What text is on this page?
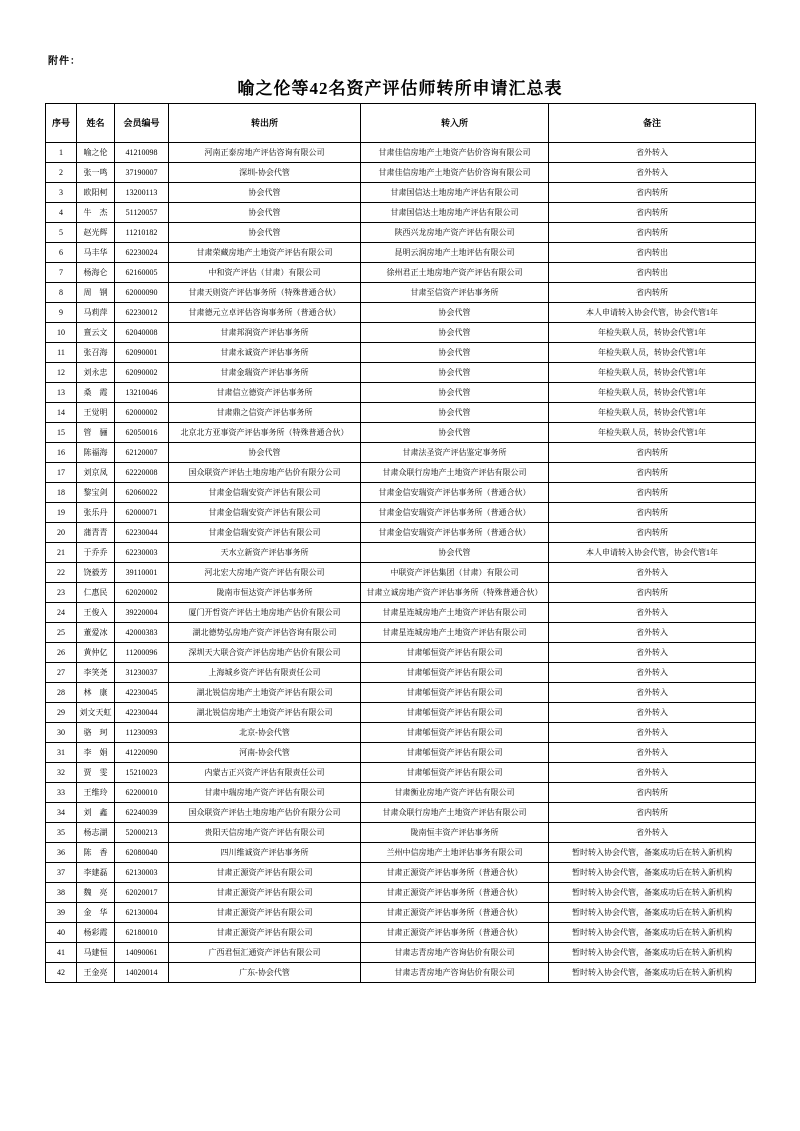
附件：
喻之伦等42名资产评估师转所申请汇总表
序号	姓名	会员编号	转出所	转入所	备注
1	喻之伦	41210098	河南正泰房地产评估咨询有限公司	甘肃佳信房地产土地资产估价咨询有限公司	省外转入
2	张一鸣	37190007	深圳-协会代管	甘肃佳信房地产土地资产估价咨询有限公司	省外转入
3	欧阳柯	13200113	协会代管	甘肃国信达土地房地产评估有限公司	省内转所
4	牛　杰	51120057	协会代管	甘肃国信达土地房地产评估有限公司	省内转所
5	赵光辉	11210182	协会代管	陕西兴龙房地产资产评估有限公司	省内转所
6	马丰华	62230024	甘肃荣藏房地产土地资产评估有限公司	昆明云润房地产土地评估有限公司	省内转出
7	杨海仑	62160005	中和资产评估（甘肃）有限公司	徐州君正土地房地产资产评估有限公司	省内转出
8	周　钢	62000090	甘肃天则资产评估事务所（特殊普通合伙）	甘肃至信资产评估事务所	省内转所
9	马莉萍	62230012	甘肃德元立卓评估咨询事务所（普通合伙）	协会代管	本人申请转入协会代管，协会代管1年
10	亶云文	62040008	甘肃邦润资产评估事务所	协会代管	年检失联人员，转协会代管1年
11	张召海	62090001	甘肃永诚资产评估事务所	协会代管	年检失联人员，转协会代管1年
12	刘永忠	62090002	甘肃金瑞资产评估事务所	协会代管	年检失联人员，转协会代管1年
13	桑　霞	13210046	甘肃信立德资产评估事务所	协会代管	年检失联人员，转协会代管1年
14	王觉明	62000002	甘肃鼎之信资产评估事务所	协会代管	年检失联人员，转协会代管1年
15	管　骊	62050016	北京北方亚事资产评估事务所（特殊普通合伙）	协会代管	年检失联人员，转协会代管1年
16	陈福海	62120007	协会代管	甘肃法圣资产评估鉴定事务所	省内转所
17	刘京凤	62220008	国众联资产评估土地房地产估价有限分公司	甘肃众联行房地产土地资产评估有限公司	省内转所
18	黎宝剑	62060022	甘肃金信瑞安资产评估有限公司	甘肃金信安瑞资产评估事务所（普通合伙）	省内转所
19	张乐丹	62000071	甘肃金信瑞安资产评估有限公司	甘肃金信安瑞资产评估事务所（普通合伙）	省内转所
20	蒲青青	62230044	甘肃金信瑞安资产评估有限公司	甘肃金信安瑞资产评估事务所（普通合伙）	省内转所
21	于乔乔	62230003	天水立新资产评估事务所	协会代管	本人申请转入协会代管，协会代管1年
22	饶毅芳	39110001	河北宏大房地产资产评估有限公司	中联资产评估集团（甘肃）有限公司	省外转入
23	仁惠民	62020002	陇南市恒达资产评估事务所	甘肃立诚房地产资产评估事务所（特殊普通合伙）	省内转所
24	王俊入	39220004	厦门开哲资产评估土地房地产估价有限公司	甘肃星连城房地产土地资产评估有限公司	省外转入
25	董爱冰	42000383	湖北德势弘房地产资产评估咨询有限公司	甘肃星连城房地产土地资产评估有限公司	省外转入
26	黄仲亿	11200096	深圳天大联合资产评估房地产估价有限公司	甘肃郇恒资产评估有限公司	省外转入
27	李笑尧	31230037	上海城乡资产评估有限责任公司	甘肃郇恒资产评估有限公司	省外转入
28	林　康	42230045	湖北锐信房地产土地资产评估有限公司	甘肃郇恒资产评估有限公司	省外转入
29	刘文天虹	42230044	湖北锐信房地产土地资产评估有限公司	甘肃郇恒资产评估有限公司	省外转入
30	骆　珂	11230093	北京-协会代管	甘肃郇恒资产评估有限公司	省外转入
31	李　娟	41220090	河南-协会代管	甘肃郇恒资产评估有限公司	省外转入
32	贾　雯	15210023	内蒙古正兴资产评估有限责任公司	甘肃郇恒资产评估有限公司	省外转入
33	王维玲	62200010	甘肃中瑞房地产资产评估有限公司	甘肃衡业房地产资产评估有限公司	省内转所
34	刘　鑫	62240039	国众联资产评估土地房地产估价有限分公司	甘肃众联行房地产土地资产评估有限公司	省内转所
35	杨志湖	52000213	贵阳天信房地产资产评估有限公司	陇南恒丰资产评估事务所	省外转入
36	陈　香	62080040	四川维诚资产评估事务所	兰州中信房地产土地评估事务有限公司	暂时转入协会代管，备案成功后在转入新机构
37	李建磊	62130003	甘肃正源资产评估有限公司	甘肃正源资产评估事务所（普通合伙）	暂时转入协会代管，备案成功后在转入新机构
38	魏　亮	62020017	甘肃正源资产评估有限公司	甘肃正源资产评估事务所（普通合伙）	暂时转入协会代管，备案成功后在转入新机构
39	金　华	62130004	甘肃正源资产评估有限公司	甘肃正源资产评估事务所（普通合伙）	暂时转入协会代管，备案成功后在转入新机构
40	杨彩霞	62180010	甘肃正源资产评估有限公司	甘肃正源资产评估事务所（普通合伙）	暂时转入协会代管，备案成功后在转入新机构
41	马建恒	14090061	广西君恒汇通资产评估有限公司	甘肃志青房地产咨询估价有限公司	暂时转入协会代管，备案成功后在转入新机构
42	王金亮	14020014	广东-协会代管	甘肃志青房地产咨询估价有限公司	暂时转入协会代管，备案成功后在转入新机构
